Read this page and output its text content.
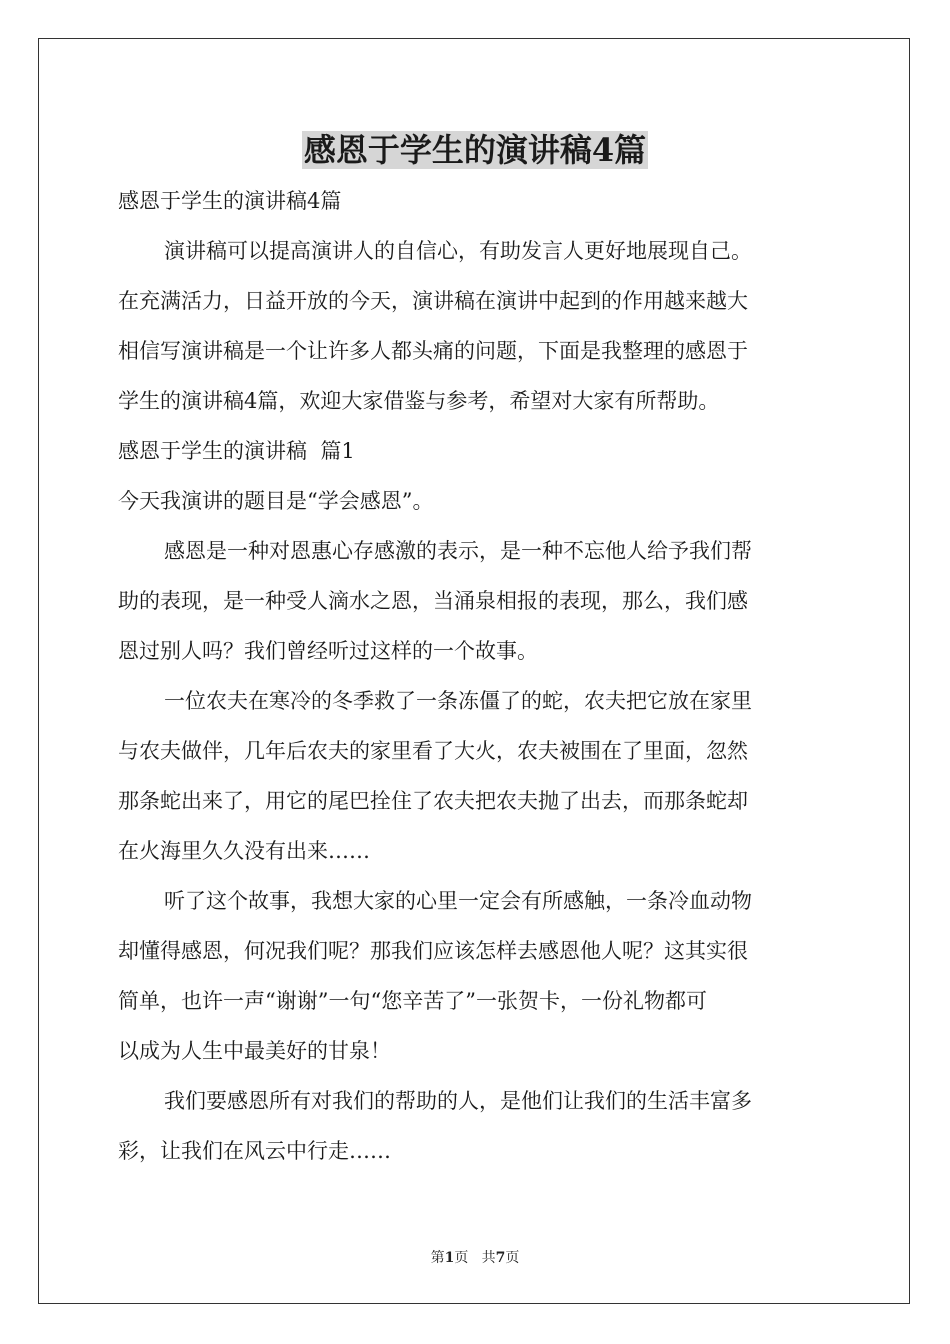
感恩于学生的演讲稿4篇

感恩于学生的演讲稿4篇

演讲稿可以提高演讲人的自信心，有助发言人更好地展现自己。

在充满活力，日益开放的今天，演讲稿在演讲中起到的作用越来越大

相信写演讲稿是一个让许多人都头痛的问题，下面是我整理的感恩于

学生的演讲稿4篇，欢迎大家借鉴与参考，希望对大家有所帮助。

感恩于学生的演讲稿  篇1

今天我演讲的题目是“学会感恩”。

感恩是一种对恩惠心存感激的表示，是一种不忘他人给予我们帮

助的表现，是一种受人滴水之恩，当涌泉相报的表现，那么，我们感

恩过别人吗？我们曾经听过这样的一个故事。

一位农夫在寒冷的冬季救了一条冻僵了的蛇，农夫把它放在家里

与农夫做伴，几年后农夫的家里看了大火，农夫被围在了里面，忽然

那条蛇出来了，用它的尾巴拴住了农夫把农夫抛了出去，而那条蛇却

在火海里久久没有出来……

听了这个故事，我想大家的心里一定会有所感触，一条冷血动物

却懂得感恩，何况我们呢？那我们应该怎样去感恩他人呢？这其实很

简单，也许一声“谢谢”一句“您辛苦了”一张贺卡，一份礼物都可

以成为人生中最美好的甘泉！

我们要感恩所有对我们的帮助的人，是他们让我们的生活丰富多

彩，让我们在风云中行走……

第1页 共7页
